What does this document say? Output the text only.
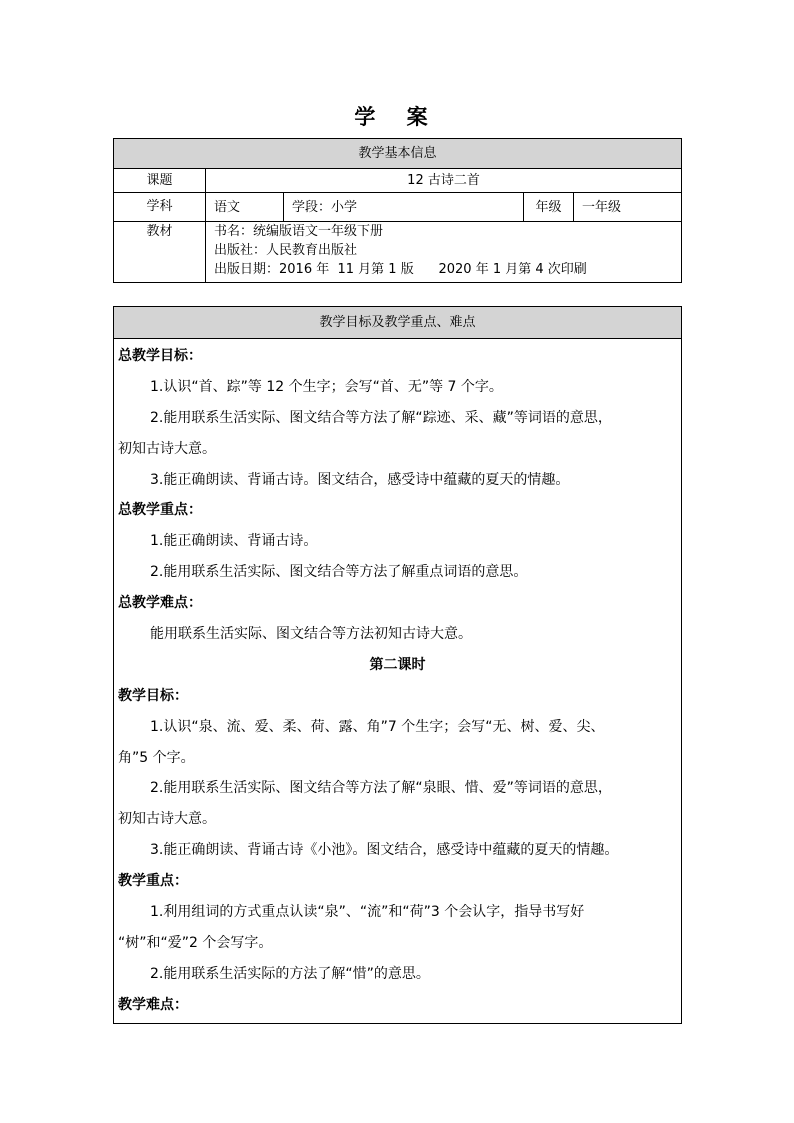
学 案
教学基本信息				
课题	12 古诗二首			
学科	语文	学段：小学	年级	一年级
教材	书名：统编版语文一年级下册
出版社：人民教育出版社
出版日期：2016 年  11 月第 1 版      2020 年 1 月第 4 次印刷			
教学目标及教学重点、难点

总教学目标：
1.认识“首、踪”等 12 个生字；会写“首、无”等 7 个字。
2.能用联系生活实际、图文结合等方法了解“踪迹、采、藏”等词语的意思，
初知古诗大意。
3.能正确朗读、背诵古诗。图文结合，感受诗中蕴藏的夏天的情趣。
总教学重点：
1.能正确朗读、背诵古诗。
2.能用联系生活实际、图文结合等方法了解重点词语的意思。
总教学难点：
能用联系生活实际、图文结合等方法初知古诗大意。
第二课时
教学目标：
1.认识“泉、流、爱、柔、荷、露、角”7 个生字；会写“无、树、爱、尖、
角”5 个字。
2.能用联系生活实际、图文结合等方法了解“泉眼、惜、爱”等词语的意思，
初知古诗大意。
3.能正确朗读、背诵古诗《小池》。图文结合，感受诗中蕴藏的夏天的情趣。
教学重点：
1.利用组词的方式重点认读“泉”、“流”和“荷”3 个会认字，指导书写好
“树”和“爱”2 个会写字。
2.能用联系生活实际的方法了解“惜”的意思。
教学难点：
